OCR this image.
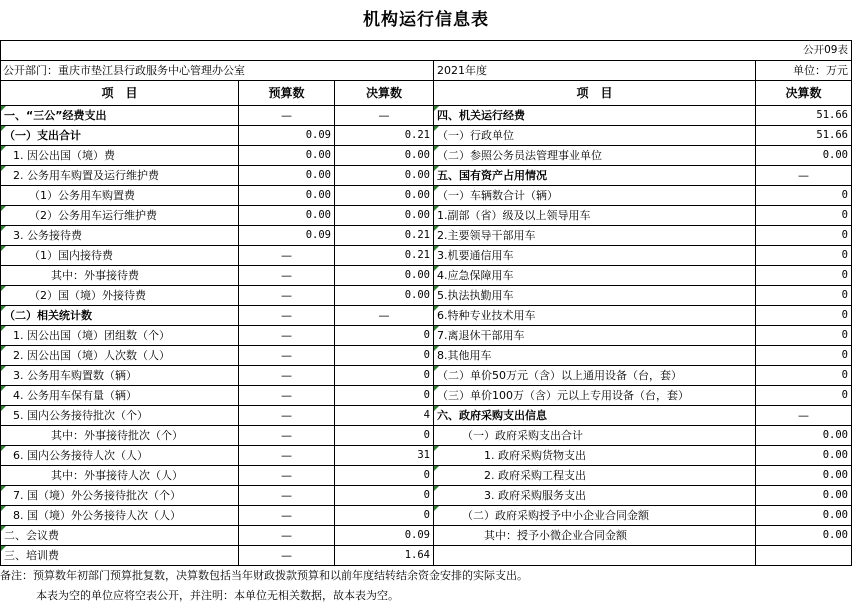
机构运行信息表
				公开09表
公开部门：重庆市垫江县行政服务中心管理办公室			2021年度	单位：万元
项　目	预算数	决算数	项　目	决算数
一、“三公”经费支出	—	—	四、机关运行经费	51.66
（一）支出合计	0.09	0.21	（一）行政单位	51.66
1. 因公出国（境）费	0.00	0.00	（二）参照公务员法管理事业单位	0.00
2. 公务用车购置及运行维护费	0.00	0.00	五、国有资产占用情况	—
（1）公务用车购置费	0.00	0.00	（一）车辆数合计（辆）	0
（2）公务用车运行维护费	0.00	0.00	1.副部（省）级及以上领导用车	0
3. 公务接待费	0.09	0.21	2.主要领导干部用车	0
（1）国内接待费	—	0.21	3.机要通信用车	0
其中：外事接待费	—	0.00	4.应急保障用车	0
（2）国（境）外接待费	—	0.00	5.执法执勤用车	0
（二）相关统计数	—	—	6.特种专业技术用车	0
1. 因公出国（境）团组数（个）	—	0	7.离退休干部用车	0
2. 因公出国（境）人次数（人）	—	0	8.其他用车	0
3. 公务用车购置数（辆）	—	0	（二）单价50万元（含）以上通用设备（台，套）	0
4. 公务用车保有量（辆）	—	0	（三）单价100万（含）元以上专用设备（台，套）	0
5. 国内公务接待批次（个）	—	4	六、政府采购支出信息	—
其中：外事接待批次（个）	—	0	（一）政府采购支出合计	0.00
6. 国内公务接待人次（人）	—	31	1. 政府采购货物支出	0.00
其中：外事接待人次（人）	—	0	2. 政府采购工程支出	0.00
7. 国（境）外公务接待批次（个）	—	0	3. 政府采购服务支出	0.00
8. 国（境）外公务接待人次（人）	—	0	（二）政府采购授予中小企业合同金额	0.00
二、会议费	—	0.09	其中：授予小微企业合同金额	0.00
三、培训费	—	1.64		
备注：预算数年初部门预算批复数，决算数包括当年财政拨款预算和以前年度结转结余资金安排的实际支出。
本表为空的单位应将空表公开，并注明：本单位无相关数据，故本表为空。
